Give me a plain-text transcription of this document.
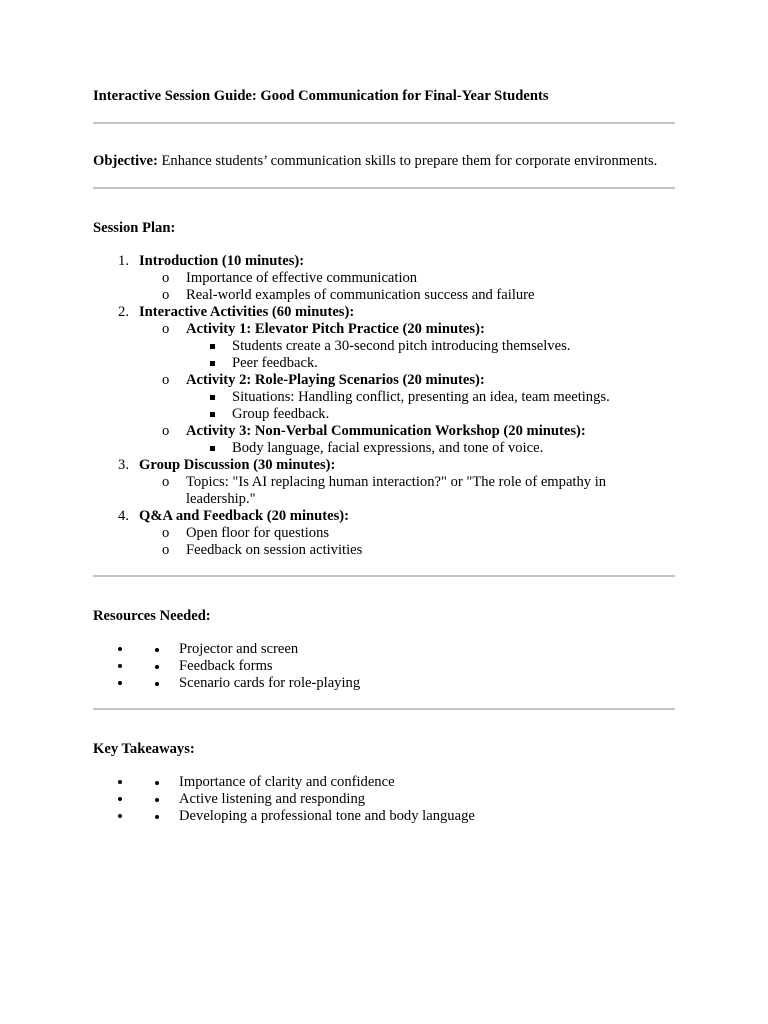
Interactive Session Guide: Good Communication for Final-Year Students

Objective: Enhance students’ communication skills to prepare them for corporate environments.

Session Plan:

1. Introduction (10 minutes):
o	Importance of effective communication
o	Real-world examples of communication success and failure
2. Interactive Activities (60 minutes):
o	Activity 1: Elevator Pitch Practice (20 minutes):
Students create a 30-second pitch introducing themselves.
Peer feedback.
o	Activity 2: Role-Playing Scenarios (20 minutes):
Situations: Handling conflict, presenting an idea, team meetings.
Group feedback.
o	Activity 3: Non-Verbal Communication Workshop (20 minutes):
Body language, facial expressions, and tone of voice.
3. Group Discussion (30 minutes):
o	Topics: "Is AI replacing human interaction?" or "The role of empathy in leadership."
4. Q&A and Feedback (20 minutes):
o	Open floor for questions
o	Feedback on session activities

Resources Needed:

• Projector and screen
• Feedback forms
• Scenario cards for role-playing

Key Takeaways:

• Importance of clarity and confidence
• Active listening and responding
• Developing a professional tone and body language
